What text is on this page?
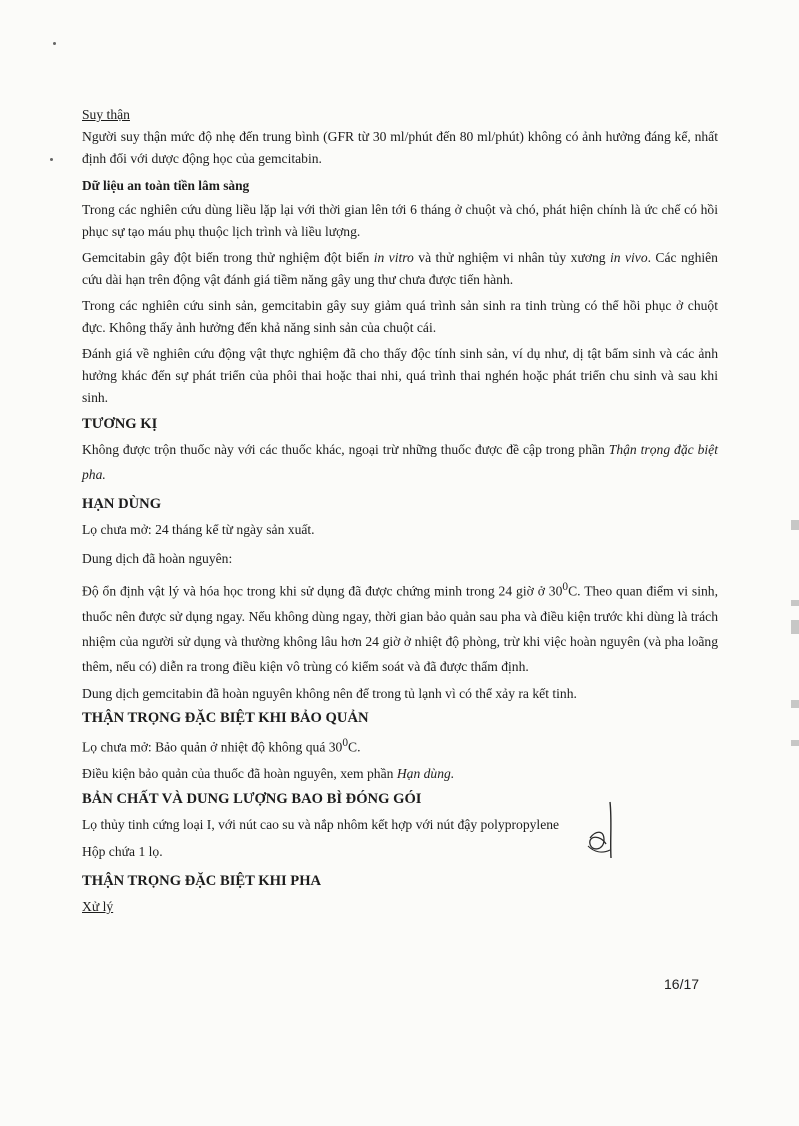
Suy thận

Người suy thận mức độ nhẹ đến trung bình (GFR từ 30 ml/phút đến 80 ml/phút) không có ảnh hưởng đáng kể, nhất định đối với dược động học của gemcitabin.

Dữ liệu an toàn tiền lâm sàng

Trong các nghiên cứu dùng liều lặp lại với thời gian lên tới 6 tháng ở chuột và chó, phát hiện chính là ức chế có hồi phục sự tạo máu phụ thuộc lịch trình và liều lượng.

Gemcitabin gây đột biến trong thử nghiệm đột biến in vitro và thử nghiệm vi nhân tủy xương in vivo. Các nghiên cứu dài hạn trên động vật đánh giá tiềm năng gây ung thư chưa được tiến hành.

Trong các nghiên cứu sinh sản, gemcitabin gây suy giảm quá trình sản sinh ra tinh trùng có thể hồi phục ở chuột đực. Không thấy ảnh hưởng đến khả năng sinh sản của chuột cái.

Đánh giá về nghiên cứu động vật thực nghiệm đã cho thấy độc tính sinh sản, ví dụ như, dị tật bẩm sinh và các ảnh hưởng khác đến sự phát triển của phôi thai hoặc thai nhi, quá trình thai nghén hoặc phát triển chu sinh và sau khi sinh.

TƯƠNG KỊ

Không được trộn thuốc này với các thuốc khác, ngoại trừ những thuốc được đề cập trong phần Thận trọng đặc biệt pha.

HẠN DÙNG

Lọ chưa mở: 24 tháng kể từ ngày sản xuất.

Dung dịch đã hoàn nguyên:

Độ ổn định vật lý và hóa học trong khi sử dụng đã được chứng minh trong 24 giờ ở $30^0C$. Theo quan điểm vi sinh, thuốc nên được sử dụng ngay. Nếu không dùng ngay, thời gian bảo quản sau pha và điều kiện trước khi dùng là trách nhiệm của người sử dụng và thường không lâu hơn 24 giờ ở nhiệt độ phòng, trừ khi việc hoàn nguyên (và pha loãng thêm, nếu có) diễn ra trong điều kiện vô trùng có kiểm soát và đã được thẩm định.

Dung dịch gemcitabin đã hoàn nguyên không nên để trong tủ lạnh vì có thể xảy ra kết tinh.

THẬN TRỌNG ĐẶC BIỆT KHI BẢO QUẢN

Lọ chưa mở: Bảo quản ở nhiệt độ không quá $30^0C$.

Điều kiện bảo quản của thuốc đã hoàn nguyên, xem phần Hạn dùng.

BẢN CHẤT VÀ DUNG LƯỢNG BAO BÌ ĐÓNG GÓI

Lọ thủy tinh cứng loại I, với nút cao su và nắp nhôm kết hợp với nút đậy polypropylene

Hộp chứa 1 lọ.

THẬN TRỌNG ĐẶC BIỆT KHI PHA

Xử lý

16/17
